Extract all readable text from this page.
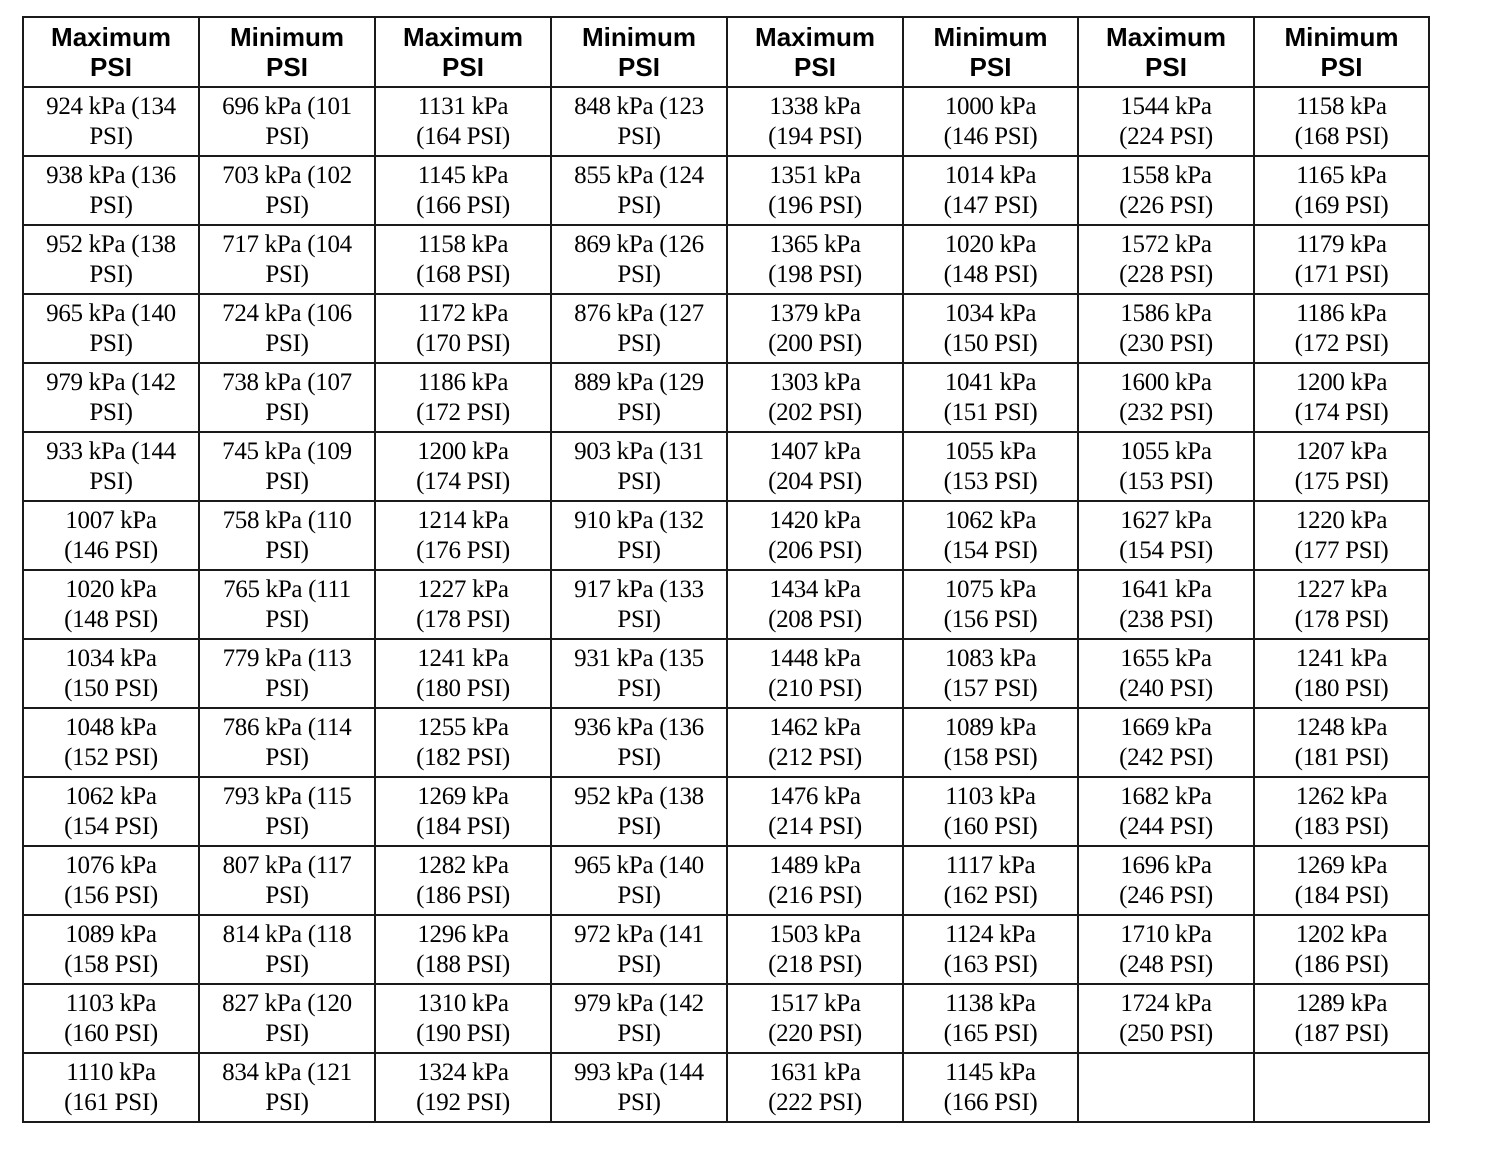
Maximum
PSI	Minimum
PSI	Maximum
PSI	Minimum
PSI	Maximum
PSI	Minimum
PSI	Maximum
PSI	Minimum
PSI

924 kPa (134
PSI)	696 kPa (101
PSI)	1131 kPa
(164 PSI)	848 kPa (123
PSI)	1338 kPa
(194 PSI)	1000 kPa
(146 PSI)	1544 kPa
(224 PSI)	1158 kPa
(168 PSI)

938 kPa (136
PSI)	703 kPa (102
PSI)	1145 kPa
(166 PSI)	855 kPa (124
PSI)	1351 kPa
(196 PSI)	1014 kPa
(147 PSI)	1558 kPa
(226 PSI)	1165 kPa
(169 PSI)

952 kPa (138
PSI)	717 kPa (104
PSI)	1158 kPa
(168 PSI)	869 kPa (126
PSI)	1365 kPa
(198 PSI)	1020 kPa
(148 PSI)	1572 kPa
(228 PSI)	1179 kPa
(171 PSI)

965 kPa (140
PSI)	724 kPa (106
PSI)	1172 kPa
(170 PSI)	876 kPa (127
PSI)	1379 kPa
(200 PSI)	1034 kPa
(150 PSI)	1586 kPa
(230 PSI)	1186 kPa
(172 PSI)

979 kPa (142
PSI)	738 kPa (107
PSI)	1186 kPa
(172 PSI)	889 kPa (129
PSI)	1303 kPa
(202 PSI)	1041 kPa
(151 PSI)	1600 kPa
(232 PSI)	1200 kPa
(174 PSI)

933 kPa (144
PSI)	745 kPa (109
PSI)	1200 kPa
(174 PSI)	903 kPa (131
PSI)	1407 kPa
(204 PSI)	1055 kPa
(153 PSI)	1055 kPa
(153 PSI)	1207 kPa
(175 PSI)

1007 kPa
(146 PSI)	758 kPa (110
PSI)	1214 kPa
(176 PSI)	910 kPa (132
PSI)	1420 kPa
(206 PSI)	1062 kPa
(154 PSI)	1627 kPa
(154 PSI)	1220 kPa
(177 PSI)

1020 kPa
(148 PSI)	765 kPa (111
PSI)	1227 kPa
(178 PSI)	917 kPa (133
PSI)	1434 kPa
(208 PSI)	1075 kPa
(156 PSI)	1641 kPa
(238 PSI)	1227 kPa
(178 PSI)

1034 kPa
(150 PSI)	779 kPa (113
PSI)	1241 kPa
(180 PSI)	931 kPa (135
PSI)	1448 kPa
(210 PSI)	1083 kPa
(157 PSI)	1655 kPa
(240 PSI)	1241 kPa
(180 PSI)

1048 kPa
(152 PSI)	786 kPa (114
PSI)	1255 kPa
(182 PSI)	936 kPa (136
PSI)	1462 kPa
(212 PSI)	1089 kPa
(158 PSI)	1669 kPa
(242 PSI)	1248 kPa
(181 PSI)

1062 kPa
(154 PSI)	793 kPa (115
PSI)	1269 kPa
(184 PSI)	952 kPa (138
PSI)	1476 kPa
(214 PSI)	1103 kPa
(160 PSI)	1682 kPa
(244 PSI)	1262 kPa
(183 PSI)

1076 kPa
(156 PSI)	807 kPa (117
PSI)	1282 kPa
(186 PSI)	965 kPa (140
PSI)	1489 kPa
(216 PSI)	1117 kPa
(162 PSI)	1696 kPa
(246 PSI)	1269 kPa
(184 PSI)

1089 kPa
(158 PSI)	814 kPa (118
PSI)	1296 kPa
(188 PSI)	972 kPa (141
PSI)	1503 kPa
(218 PSI)	1124 kPa
(163 PSI)	1710 kPa
(248 PSI)	1202 kPa
(186 PSI)

1103 kPa
(160 PSI)	827 kPa (120
PSI)	1310 kPa
(190 PSI)	979 kPa (142
PSI)	1517 kPa
(220 PSI)	1138 kPa
(165 PSI)	1724 kPa
(250 PSI)	1289 kPa
(187 PSI)

1110 kPa
(161 PSI)	834 kPa (121
PSI)	1324 kPa
(192 PSI)	993 kPa (144
PSI)	1631 kPa
(222 PSI)	1145 kPa
(166 PSI)		
